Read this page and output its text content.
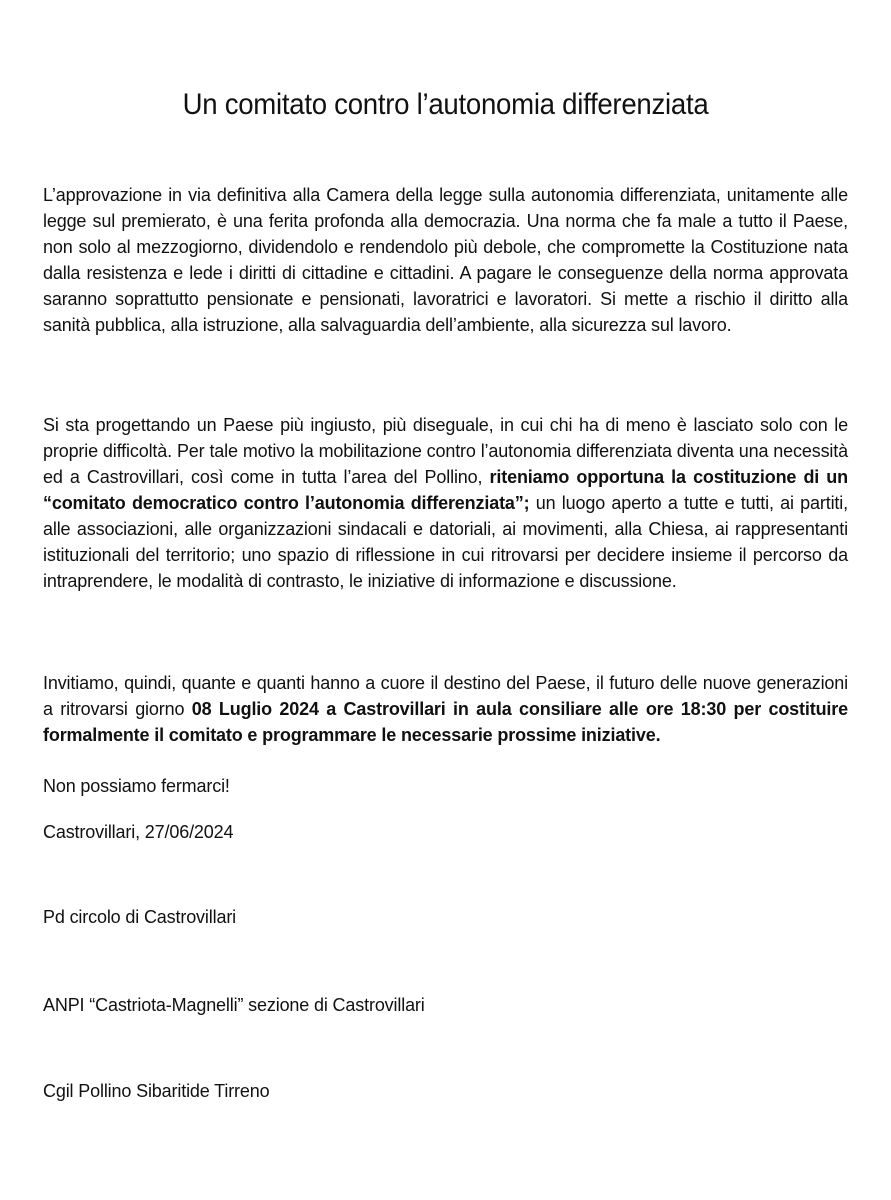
Un comitato contro l’autonomia differenziata

L’approvazione in via definitiva alla Camera della legge sulla autonomia differenziata, unitamente alle legge sul premierato, è una ferita profonda alla democrazia. Una norma che fa male a tutto il Paese, non solo al mezzogiorno, dividendolo e rendendolo più debole, che compromette la Costituzione nata dalla resistenza e lede i diritti di cittadine e cittadini. A pagare le conseguenze della norma approvata saranno soprattutto pensionate e pensionati, lavoratrici e lavoratori. Si mette a rischio il diritto alla sanità pubblica, alla istruzione, alla salvaguardia dell’ambiente, alla sicurezza sul lavoro.

Si sta progettando un Paese più ingiusto, più diseguale, in cui chi ha di meno è lasciato solo con le proprie difficoltà. Per tale motivo la mobilitazione contro l’autonomia differenziata diventa una necessità ed a Castrovillari, così come in tutta l’area del Pollino, riteniamo opportuna la costituzione di un “comitato democratico contro l’autonomia differenziata”; un luogo aperto a tutte e tutti, ai partiti, alle associazioni, alle organizzazioni sindacali e datoriali, ai movimenti, alla Chiesa, ai rappresentanti istituzionali del territorio; uno spazio di riflessione in cui ritrovarsi per decidere insieme il percorso da intraprendere, le modalità di contrasto, le iniziative di informazione e discussione.

Invitiamo, quindi, quante e quanti hanno a cuore il destino del Paese, il futuro delle nuove generazioni a ritrovarsi giorno 08 Luglio 2024 a Castrovillari in aula consiliare alle ore 18:30 per costituire formalmente il comitato e programmare le necessarie prossime iniziative.

Non possiamo fermarci!

Castrovillari, 27/06/2024

Pd circolo di Castrovillari

ANPI “Castriota-Magnelli” sezione di Castrovillari

Cgil Pollino Sibaritide Tirreno
